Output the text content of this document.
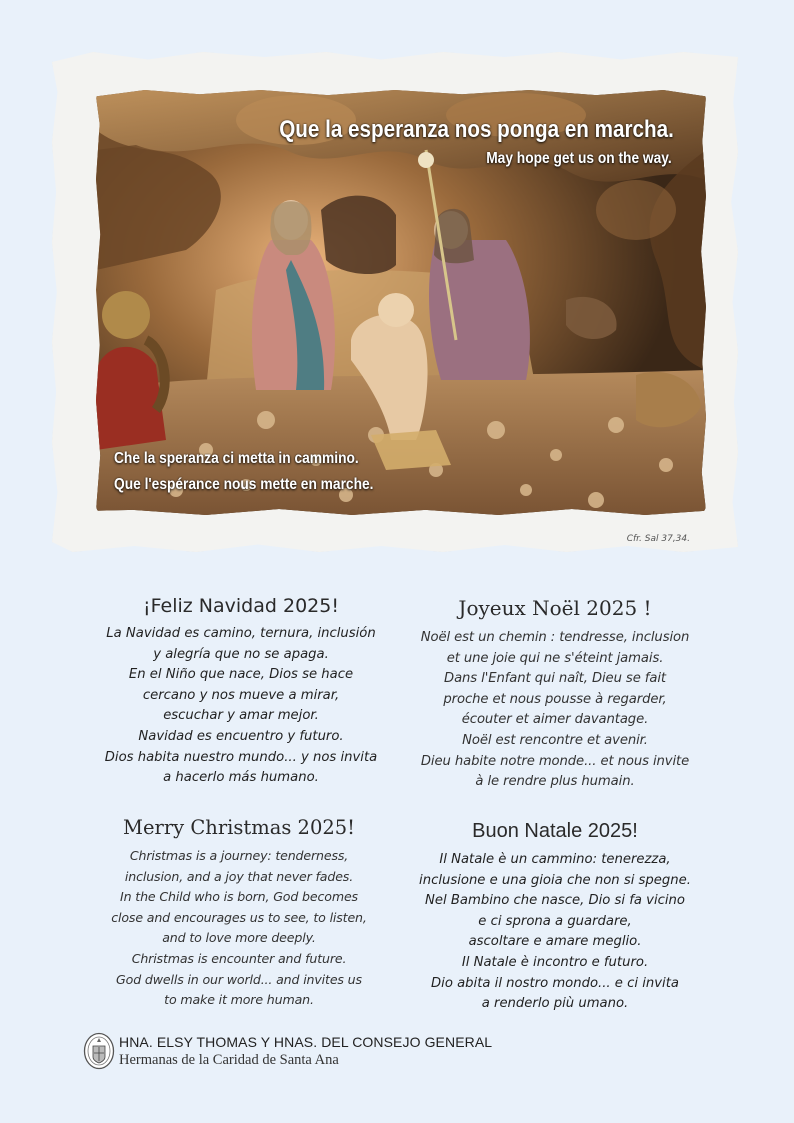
Que la esperanza nos ponga en marcha.
May hope get us on the way.
Che la speranza ci metta in cammino.
Que l'espérance nous mette en marche.
Cfr. Sal 37,34.
¡Feliz Navidad 2025!

La Navidad es camino, ternura, inclusión

y alegría que no se apaga.

En el Niño que nace, Dios se hace

cercano y nos mueve a mirar,

escuchar y amar mejor.

Navidad es encuentro y futuro.

Dios habita nuestro mundo... y nos invita

a hacerlo más humano.

Joyeux Noël 2025 !

Noël est un chemin : tendresse, inclusion

et une joie qui ne s'éteint jamais.

Dans l'Enfant qui naît, Dieu se fait

proche et nous pousse à regarder,

écouter et aimer davantage.

Noël est rencontre et avenir.

Dieu habite notre monde... et nous invite

à le rendre plus humain.

Merry Christmas 2025!

Christmas is a journey: tenderness,

inclusion, and a joy that never fades.

In the Child who is born, God becomes

close and encourages us to see, to listen,

and to love more deeply.

Christmas is encounter and future.

God dwells in our world... and invites us

to make it more human.

Buon Natale 2025!

Il Natale è un cammino: tenerezza,

inclusione e una gioia che non si spegne.

Nel Bambino che nasce, Dio si fa vicino

e ci sprona a guardare,

ascoltare e amare meglio.

Il Natale è incontro e futuro.

Dio abita il nostro mondo... e ci invita

a renderlo più umano.

HNA. ELSY THOMAS Y HNAS. DEL CONSEJO GENERAL
Hermanas de la Caridad de Santa Ana
